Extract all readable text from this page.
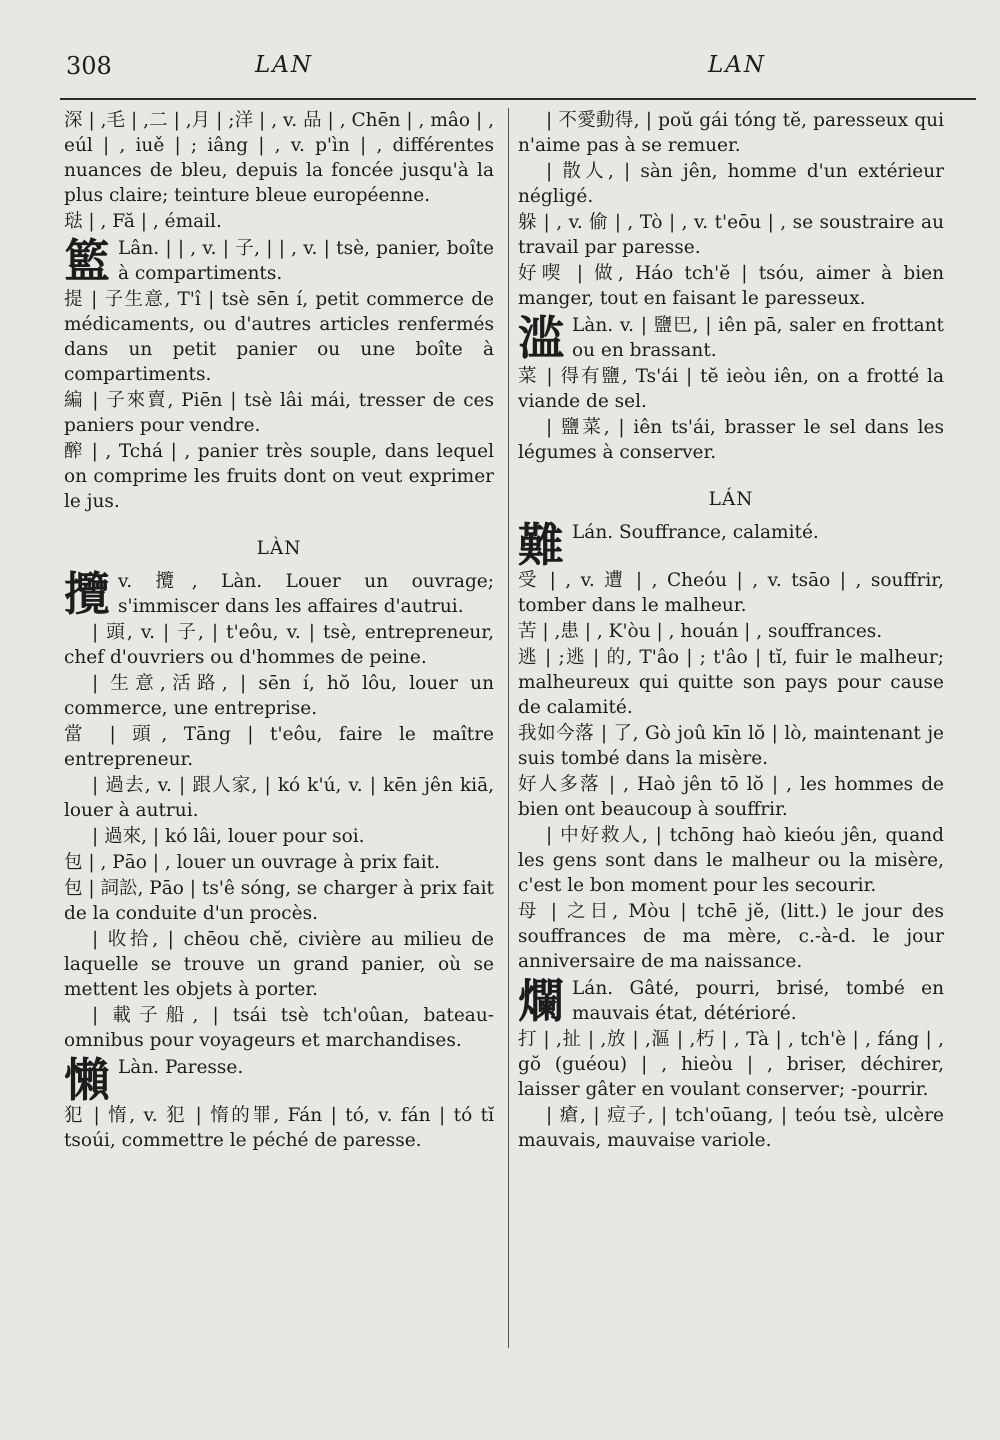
308	LAN	LAN

深 | ,毛 | ,二 | ,月 | ;洋 | , v. 品 | , Chēn | , mâo | , eúl | , iuě | ; iâng | , v. p'ìn | , différentes nuances de bleu, depuis la foncée jusqu'à la plus claire; teinture bleue européenne.

琺 | , Fă | , émail.

籃 Lân. | | , v. | 子, | | , v. | tsè, panier, boîte à compartiments.

提 | 子生意, T'î | tsè sēn í, petit commerce de médicaments, ou d'autres articles renfermés dans un petit panier ou une boîte à compartiments.

編 | 子來賣, Piēn | tsè lâi mái, tresser de ces paniers pour vendre.

醡 | , Tchá | , panier très souple, dans lequel on comprime les fruits dont on veut exprimer le jus.

LÀN

攬v. 攬, Làn. Louer un ouvrage; s'immiscer dans les affaires d'autrui.

| 頭, v. | 子, | t'eôu, v. | tsè, entrepreneur, chef d'ouvriers ou d'hommes de peine.

| 生意,活路, | sēn í, hŏ lôu, louer un commerce, une entreprise.

當 | 頭, Tāng | t'eôu, faire le maître entrepreneur.

| 過去, v. | 跟人家, | kó k'ú, v. | kēn jên kiā, louer à autrui.

| 過來, | kó lâi, louer pour soi.

包 | , Pāo | , louer un ouvrage à prix fait.

包 | 詞訟, Pāo | ts'ê sóng, se charger à prix fait de la conduite d'un procès.

| 收拾, | chēou chĕ, civière au milieu de laquelle se trouve un grand panier, où se mettent les objets à porter.

| 載子船, | tsái tsè tch'oûan, bateau-omnibus pour voyageurs et marchandises.

懶 Làn. Paresse.

犯 | 惰, v. 犯 | 惰的罪, Fán | tó, v. fán | tó tĭ tsoúi, commettre le péché de paresse.

| 不愛動得, | poŭ gái tóng tĕ, paresseux qui n'aime pas à se remuer.

| 散人, | sàn jên, homme d'un extérieur négligé.

躲 | , v. 偷 | , Tò | , v. t'eōu | , se soustraire au travail par paresse.

好喫 | 做, Háo tch'ĕ | tsóu, aimer à bien manger, tout en faisant le paresseux.

滥 Làn. v. | 鹽巴, | iên pā, saler en frottant ou en brassant.

菜 | 得有鹽, Ts'ái | tĕ ieòu iên, on a frotté la viande de sel.

| 鹽菜, | iên ts'ái, brasser le sel dans les légumes à conserver.

LÁN

難 Lán. Souffrance, calamité.

受 | , v. 遭 | , Cheóu | , v. tsāo | , souffrir, tomber dans le malheur.

苦 | ,患 | , K'òu | , houán | , souffrances.

逃 | ;逃 | 的, T'âo | ; t'âo | tĭ, fuir le malheur; malheureux qui quitte son pays pour cause de calamité.

我如今落 | 了, Gò joû kīn lŏ | lò, maintenant je suis tombé dans la misère.

好人多落 | , Haò jên tō lŏ | , les hommes de bien ont beaucoup à souffrir.

| 中好救人, | tchōng haò kieóu jên, quand les gens sont dans le malheur ou la misère, c'est le bon moment pour les secourir.

母 | 之日, Mòu | tchē jĕ, (litt.) le jour des souffrances de ma mère, c.-à-d. le jour anniversaire de ma naissance.

爛 Lán. Gâté, pourri, brisé, tombé en mauvais état, détérioré.

打 | ,扯 | ,放 | ,漚 | ,朽 | , Tà | , tch'è | , fáng | , gŏ (guéou) | , hieòu | , briser, déchirer, laisser gâter en voulant conserver; -pourrir.

| 瘡, | 痘子, | tch'oūang, | teóu tsè, ulcère mauvais, mauvaise variole.
